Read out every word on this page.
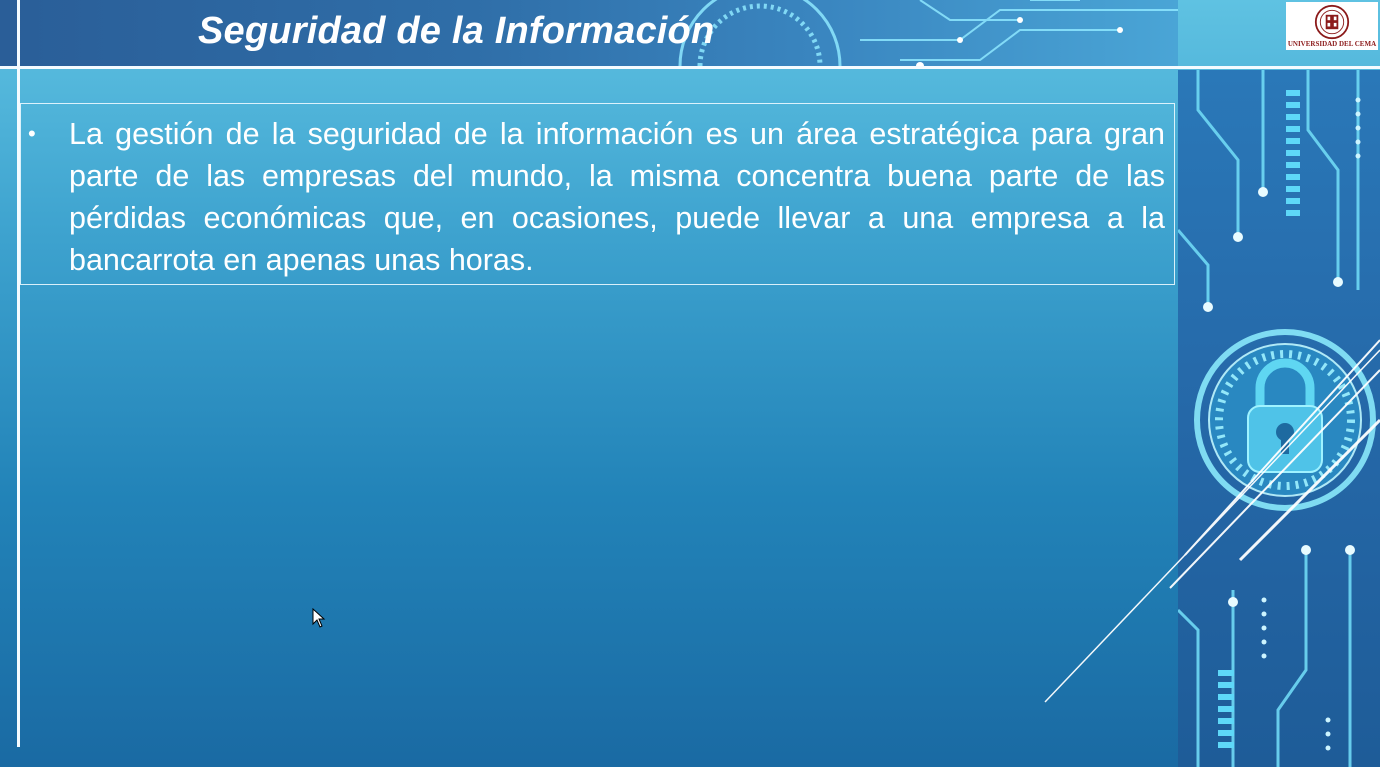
Seguridad de la Información
• La gestión de la seguridad de la información es un área estratégica para gran parte de las empresas del mundo, la misma concentra buena parte de las pérdidas económicas que, en ocasiones, puede llevar a una empresa a la bancarrota en apenas unas horas.
UNIVERSIDAD DEL CEMA
